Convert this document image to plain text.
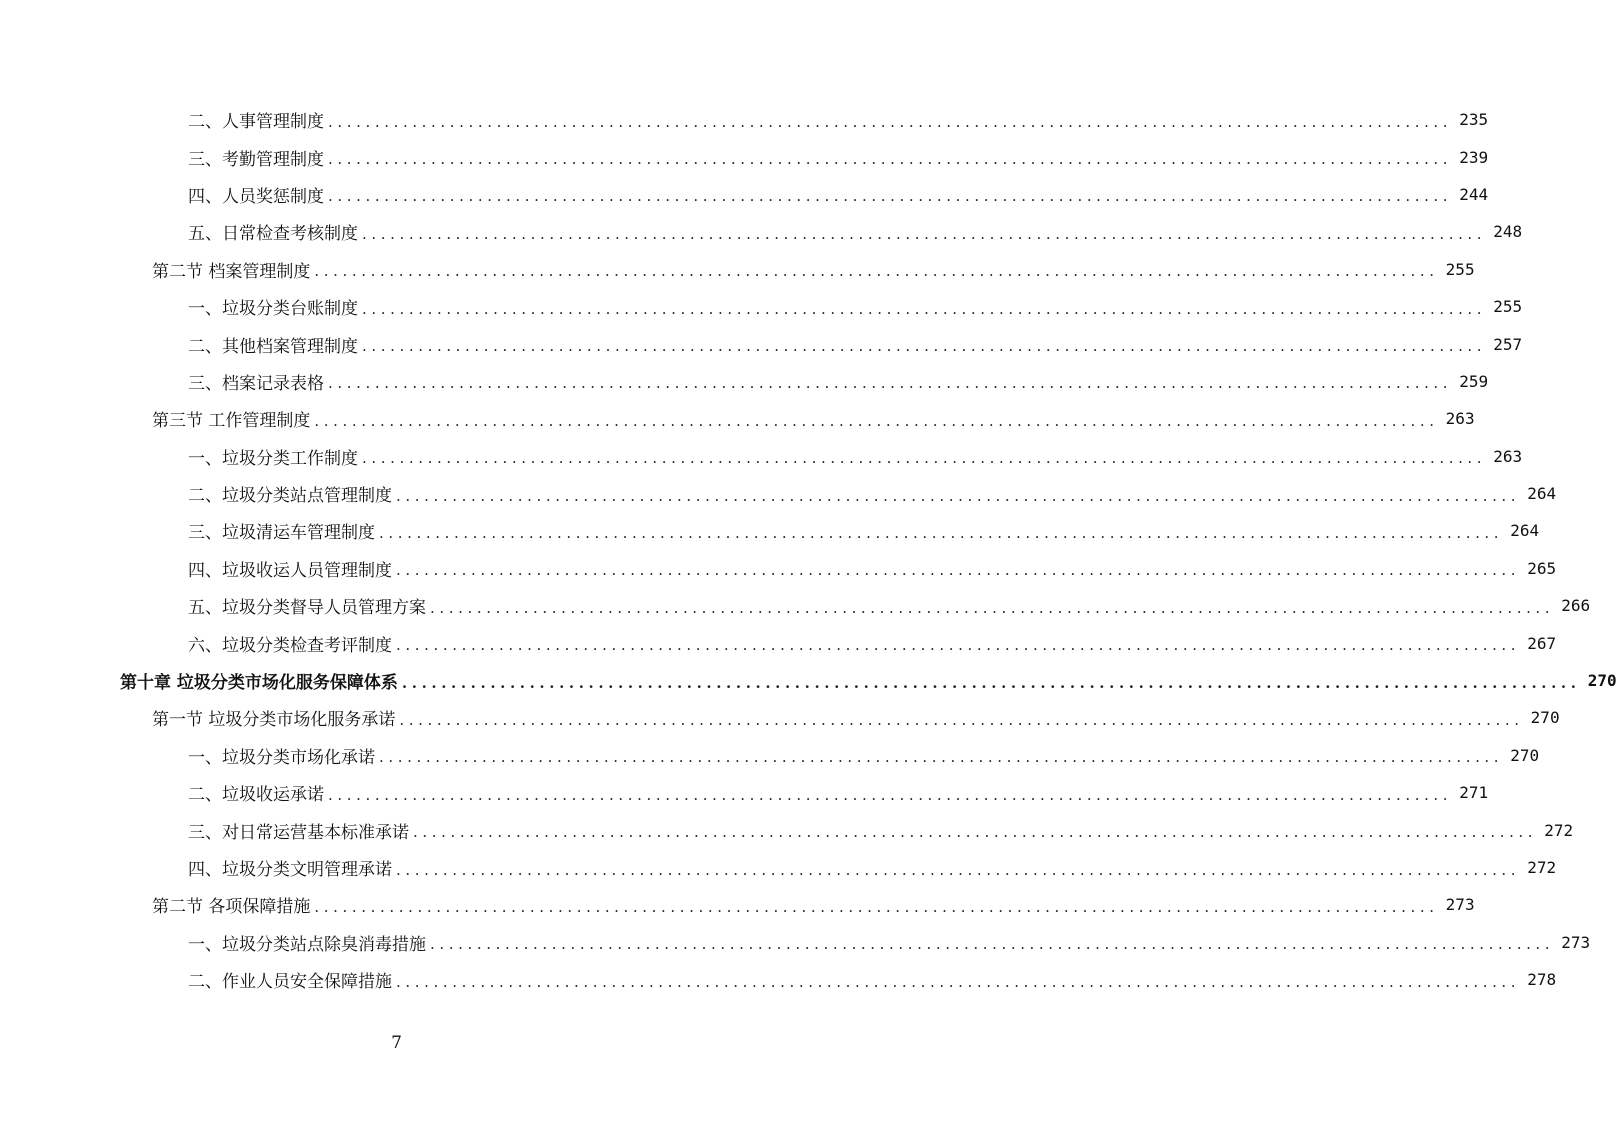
二、人事管理制度 ........................................................................................................................ 235
三、考勤管理制度 ........................................................................................................................ 239
四、人员奖惩制度 ........................................................................................................................ 244
五、日常检查考核制度 ........................................................................................................................ 248
第二节 档案管理制度 ........................................................................................................................ 255
一、垃圾分类台账制度 ........................................................................................................................ 255
二、其他档案管理制度 ........................................................................................................................ 257
三、档案记录表格 ........................................................................................................................ 259
第三节 工作管理制度 ........................................................................................................................ 263
一、垃圾分类工作制度 ........................................................................................................................ 263
二、垃圾分类站点管理制度 ........................................................................................................................ 264
三、垃圾清运车管理制度 ........................................................................................................................ 264
四、垃圾收运人员管理制度 ........................................................................................................................ 265
五、垃圾分类督导人员管理方案 ........................................................................................................................ 266
六、垃圾分类检查考评制度 ........................................................................................................................ 267
第十章 垃圾分类市场化服务保障体系 ........................................................................................................................ 270
第一节 垃圾分类市场化服务承诺 ........................................................................................................................ 270
一、垃圾分类市场化承诺 ........................................................................................................................ 270
二、垃圾收运承诺 ........................................................................................................................ 271
三、对日常运营基本标准承诺 ........................................................................................................................ 272
四、垃圾分类文明管理承诺 ........................................................................................................................ 272
第二节 各项保障措施 ........................................................................................................................ 273
一、垃圾分类站点除臭消毒措施 ........................................................................................................................ 273
二、作业人员安全保障措施 ........................................................................................................................ 278
7
